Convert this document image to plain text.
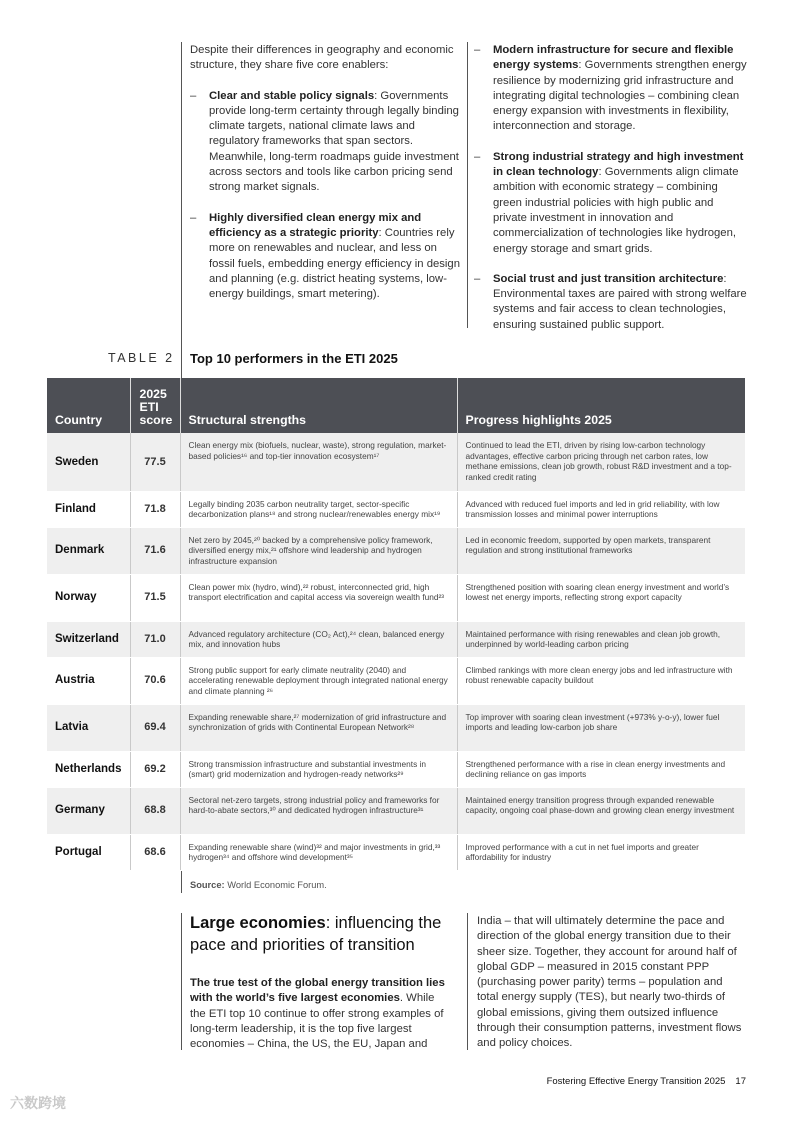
Despite their differences in geography and economic structure, they share five core enablers:
– Clear and stable policy signals: Governments provide long-term certainty through legally binding climate targets, national climate laws and regulatory frameworks that span sectors. Meanwhile, long-term roadmaps guide investment across sectors and tools like carbon pricing send strong market signals.
– Highly diversified clean energy mix and efficiency as a strategic priority: Countries rely more on renewables and nuclear, and less on fossil fuels, embedding energy efficiency in design and planning (e.g. district heating systems, low-energy buildings, smart metering).
– Modern infrastructure for secure and flexible energy systems: Governments strengthen energy resilience by modernizing grid infrastructure and integrating digital technologies – combining clean energy expansion with investments in flexibility, interconnection and storage.
– Strong industrial strategy and high investment in clean technology: Governments align climate ambition with economic strategy – combining green industrial policies with high public and private investment in innovation and commercialization of technologies like hydrogen, energy storage and smart grids.
– Social trust and just transition architecture: Environmental taxes are paired with strong welfare systems and fair access to clean technologies, ensuring sustained public support.
TABLE 2 Top 10 performers in the ETI 2025
Country	2025 ETI score	Structural strengths	Progress highlights 2025
Sweden	77.5	Clean energy mix (biofuels, nuclear, waste), strong regulation, market-based policies¹⁶ and top-tier innovation ecosystem¹⁷	Continued to lead the ETI, driven by rising low-carbon technology advantages, effective carbon pricing through net carbon rates, low methane emissions, clean job growth, robust R&D investment and a top-ranked credit rating
Finland	71.8	Legally binding 2035 carbon neutrality target, sector-specific decarbonization plans¹⁸ and strong nuclear/renewables energy mix¹⁹	Advanced with reduced fuel imports and led in grid reliability, with low transmission losses and minimal power interruptions
Denmark	71.6	Net zero by 2045,²⁰ backed by a comprehensive policy framework, diversified energy mix,²¹ offshore wind leadership and hydrogen infrastructure expansion	Led in economic freedom, supported by open markets, transparent regulation and strong institutional frameworks
Norway	71.5	Clean power mix (hydro, wind),²² robust, interconnected grid, high transport electrification and capital access via sovereign wealth fund²³	Strengthened position with soaring clean energy investment and world’s lowest net energy imports, reflecting strong export capacity
Switzerland	71.0	Advanced regulatory architecture (CO₂ Act),²⁴ clean, balanced energy mix, and innovation hubs	Maintained performance with rising renewables and clean job growth, underpinned by world-leading carbon pricing
Austria	70.6	Strong public support for early climate neutrality (2040) and accelerating renewable deployment through integrated national energy and climate planning ²⁶	Climbed rankings with more clean energy jobs and led infrastructure with robust renewable capacity buildout
Latvia	69.4	Expanding renewable share,²⁷ modernization of grid infrastructure and synchronization of grids with Continental European Network²⁸	Top improver with soaring clean investment (+973% y-o-y), lower fuel imports and leading low-carbon job share
Netherlands	69.2	Strong transmission infrastructure and substantial investments in (smart) grid modernization and hydrogen-ready networks²⁹	Strengthened performance with a rise in clean energy investments and declining reliance on gas imports
Germany	68.8	Sectoral net-zero targets, strong industrial policy and frameworks for hard-to-abate sectors,³⁰ and dedicated hydrogen infrastructure³¹	Maintained energy transition progress through expanded renewable capacity, ongoing coal phase-down and growing clean energy investment
Portugal	68.6	Expanding renewable share (wind)³² and major investments in grid,³³ hydrogen³⁴ and offshore wind development³⁵	Improved performance with a cut in net fuel imports and greater affordability for industry
Source: World Economic Forum.
Large economies: influencing the pace and priorities of transition
The true test of the global energy transition lies with the world’s five largest economies. While the ETI top 10 continue to offer strong examples of long-term leadership, it is the top five largest economies – China, the US, the EU, Japan and
India – that will ultimately determine the pace and direction of the global energy transition due to their sheer size. Together, they account for around half of global GDP – measured in 2015 constant PPP (purchasing power parity) terms – population and total energy supply (TES), but nearly two-thirds of global emissions, giving them outsized influence through their consumption patterns, investment flows and policy choices.
Fostering Effective Energy Transition 2025 17
六数跨境
